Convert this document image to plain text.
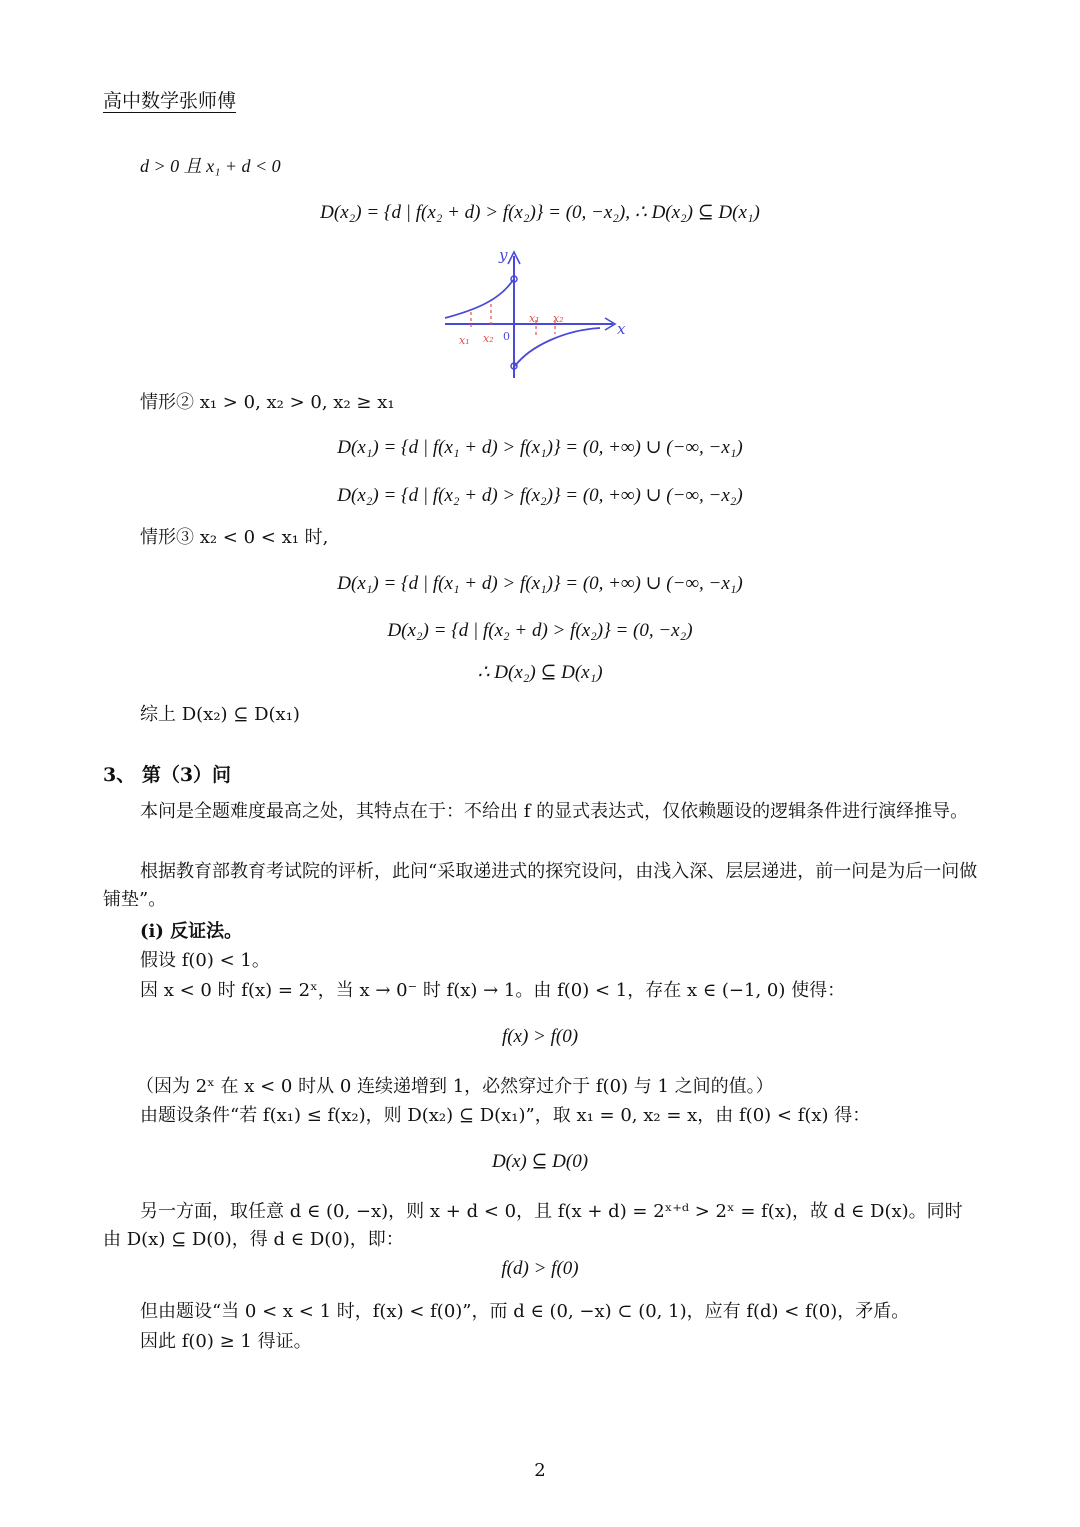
高中数学张师傅
d > 0 且 x₁ + d < 0
D(x₂) = {d | f(x₂ + d) > f(x₂)} = (0, −x₂), ∴ D(x₂) ⊆ D(x₁)
y
x
x₁ x₂ 0
x₁ x₂
情形② x₁ > 0, x₂ > 0, x₂ ≥ x₁
D(x₁) = {d | f(x₁ + d) > f(x₁)} = (0, +∞) ∪ (−∞, −x₁)
D(x₂) = {d | f(x₂ + d) > f(x₂)} = (0, +∞) ∪ (−∞, −x₂)
情形③ x₂ < 0 < x₁ 时,
D(x₁) = {d | f(x₁ + d) > f(x₁)} = (0, +∞) ∪ (−∞, −x₁)
D(x₂) = {d | f(x₂ + d) > f(x₂)} = (0, −x₂)
∴ D(x₂) ⊆ D(x₁)
综上 D(x₂) ⊆ D(x₁)
3、 第（3）问
本问是全题难度最高之处，其特点在于：不给出 f 的显式表达式，仅依赖题设的逻辑条件进行演绎推导。
根据教育部教育考试院的评析，此问“采取递进式的探究设问，由浅入深、层层递进，前一问是为后一问做铺垫”。
(i) 反证法。
假设 f(0) < 1。
因 x < 0 时 f(x) = 2ˣ，当 x → 0⁻ 时 f(x) → 1。由 f(0) < 1，存在 x ∈ (−1, 0) 使得：
f(x) > f(0)
（因为 2ˣ 在 x < 0 时从 0 连续递增到 1，必然穿过介于 f(0) 与 1 之间的值。）
由题设条件“若 f(x₁) ≤ f(x₂)，则 D(x₂) ⊆ D(x₁)”，取 x₁ = 0, x₂ = x，由 f(0) < f(x) 得：
D(x) ⊆ D(0)
另一方面，取任意 d ∈ (0, −x)，则 x + d < 0，且 f(x + d) = 2ˣ⁺ᵈ > 2ˣ = f(x)，故 d ∈ D(x)。同时由 D(x) ⊆ D(0)，得 d ∈ D(0)，即：
f(d) > f(0)
但由题设“当 0 < x < 1 时，f(x) < f(0)”，而 d ∈ (0, −x) ⊂ (0, 1)，应有 f(d) < f(0)，矛盾。
因此 f(0) ≥ 1 得证。
2
